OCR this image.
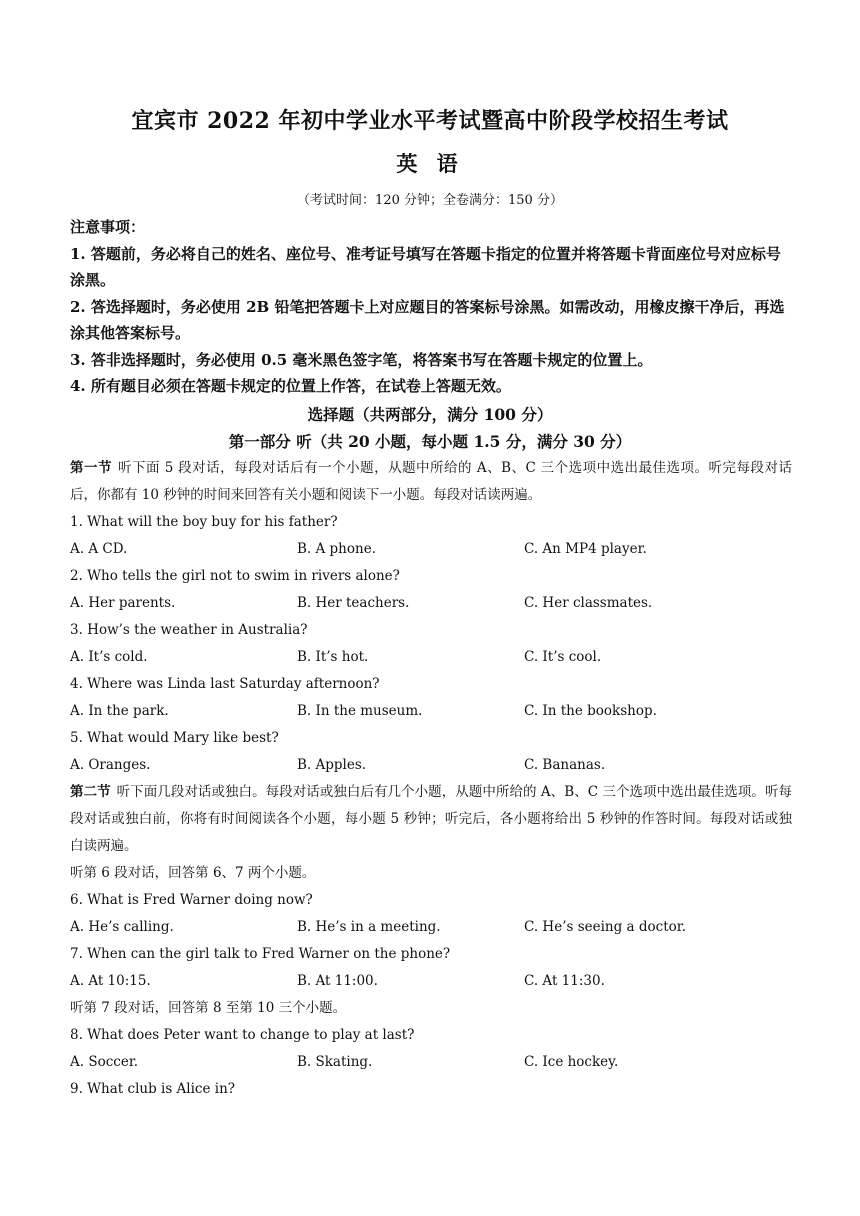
宜宾市 2022 年初中学业水平考试暨高中阶段学校招生考试
英 语
（考试时间：120 分钟；全卷满分：150 分）

注意事项：

1. 答题前，务必将自己的姓名、座位号、准考证号填写在答题卡指定的位置并将答题卡背面座位号对应标号涂黑。

2. 答选择题时，务必使用 2B 铅笔把答题卡上对应题目的答案标号涂黑。如需改动，用橡皮擦干净后，再选涂其他答案标号。

3. 答非选择题时，务必使用 0.5 毫米黑色签字笔，将答案书写在答题卡规定的位置上。

4. 所有题目必须在答题卡规定的位置上作答，在试卷上答题无效。

选择题（共两部分，满分 100 分）
第一部分 听（共 20 小题，每小题 1.5 分，满分 30 分）

第一节 听下面 5 段对话，每段对话后有一个小题，从题中所给的 A、B、C 三个选项中选出最佳选项。听完每段对话后，你都有 10 秒钟的时间来回答有关小题和阅读下一小题。每段对话读两遍。

1. What will the boy buy for his father?

A. A CD.	B. A phone.	C. An MP4 player.

2. Who tells the girl not to swim in rivers alone?

A. Her parents.	B. Her teachers.	C. Her classmates.

3. How’s the weather in Australia?

A. It’s cold.	B. It’s hot.	C. It’s cool.

4. Where was Linda last Saturday afternoon?

A. In the park.	B. In the museum.	C. In the bookshop.

5. What would Mary like best?

A. Oranges.	B. Apples.	C. Bananas.

第二节 听下面几段对话或独白。每段对话或独白后有几个小题，从题中所给的 A、B、C 三个选项中选出最佳选项。听每段对话或独白前，你将有时间阅读各个小题，每小题 5 秒钟；听完后，各小题将给出 5 秒钟的作答时间。每段对话或独白读两遍。

听第 6 段对话，回答第 6、7 两个小题。

6. What is Fred Warner doing now?

A. He’s calling.	B. He’s in a meeting.	C. He’s seeing a doctor.

7. When can the girl talk to Fred Warner on the phone?

A. At 10:15.	B. At 11:00.	C. At 11:30.

听第 7 段对话，回答第 8 至第 10 三个小题。

8. What does Peter want to change to play at last?

A. Soccer.	B. Skating.	C. Ice hockey.

9. What club is Alice in?
